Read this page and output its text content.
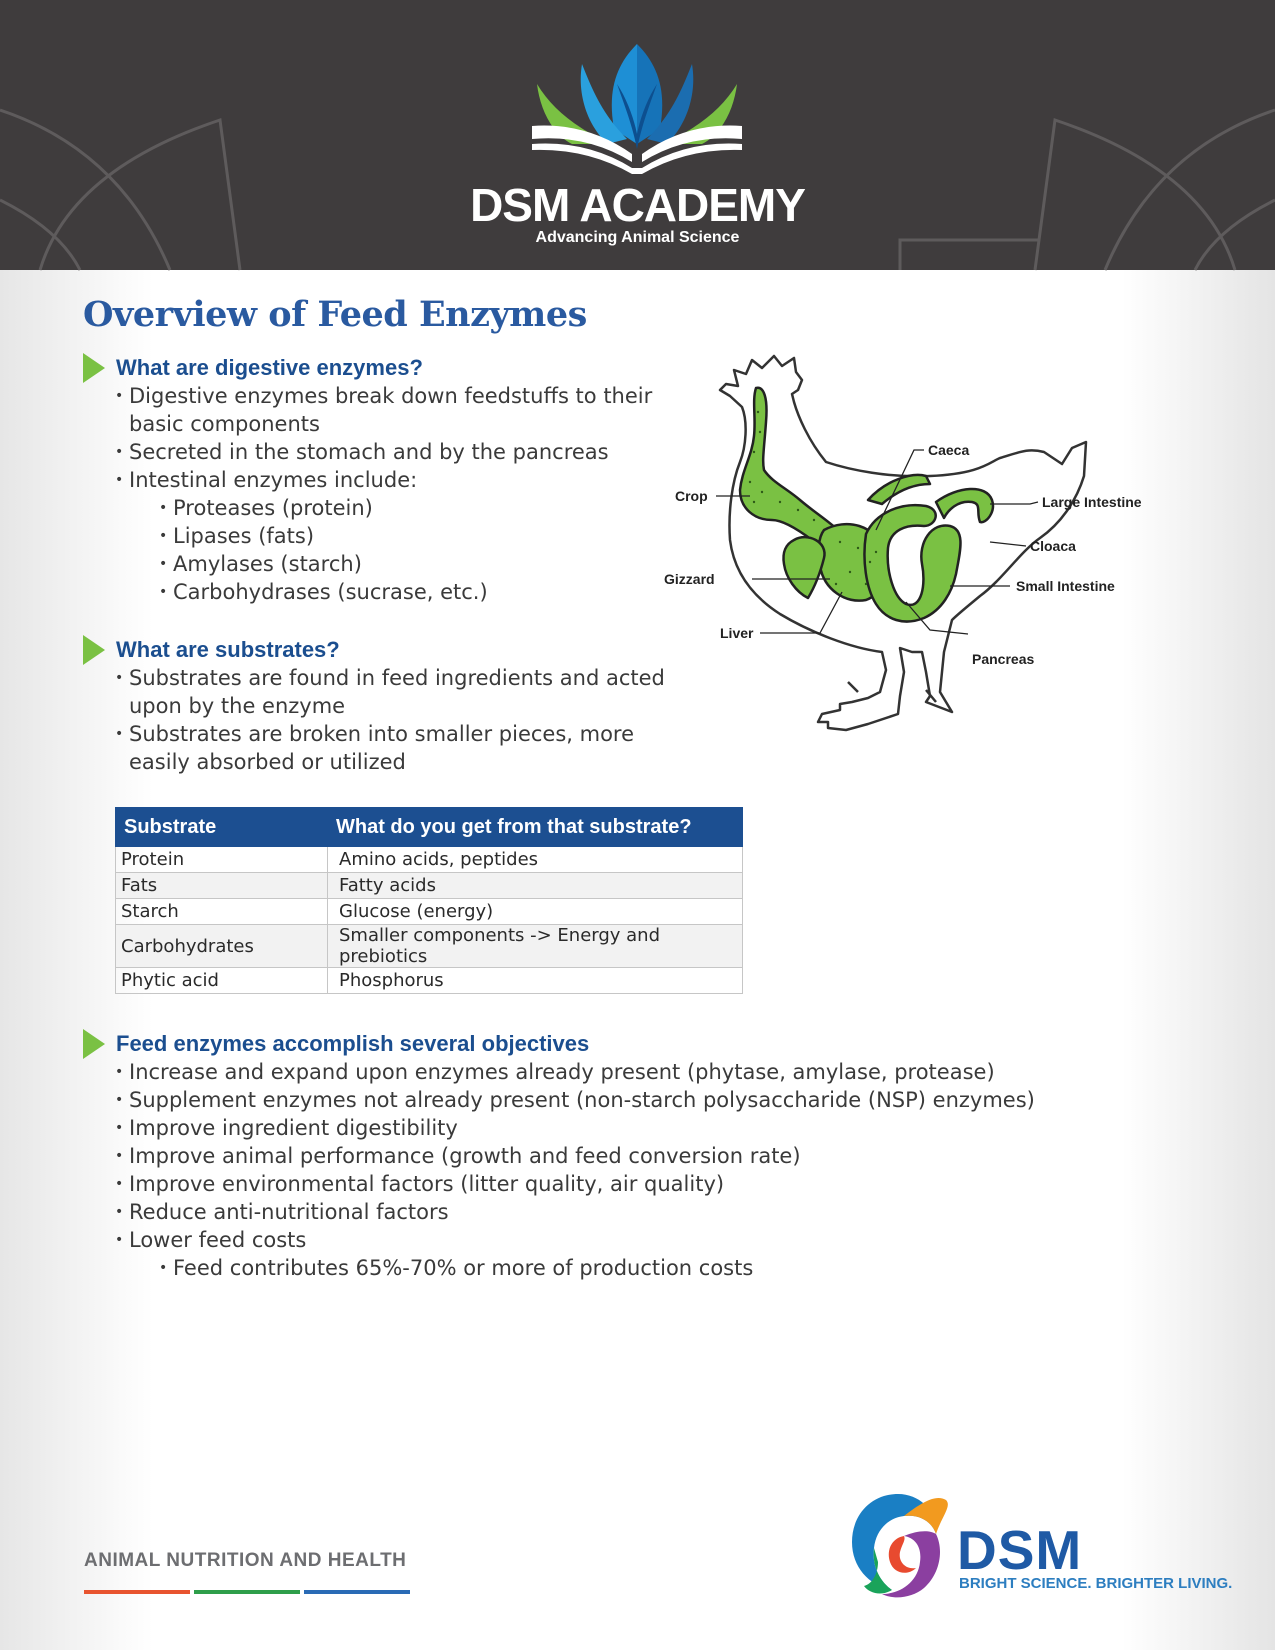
DSM ACADEMY
Advancing Animal Science
Overview of Feed Enzymes
What are digestive enzymes?
• Digestive enzymes break down feedstuffs to their
basic components
• Secreted in the stomach and by the pancreas
• Intestinal enzymes include:
• Proteases (protein)
• Lipases (fats)
• Amylases (starch)
• Carbohydrases (sucrase, etc.)
What are substrates?
• Substrates are found in feed ingredients and acted
upon by the enzyme
• Substrates are broken into smaller pieces, more
easily absorbed or utilized
Substrate	What do you get from that substrate?
Protein	Amino acids, peptides
Fats	Fatty acids
Starch	Glucose (energy)
Carbohydrates	Smaller components -> Energy and prebiotics
Phytic acid	Phosphorus
Feed enzymes accomplish several objectives
• Increase and expand upon enzymes already present (phytase, amylase, protease)
• Supplement enzymes not already present (non-starch polysaccharide (NSP) enzymes)
• Improve ingredient digestibility
• Improve animal performance (growth and feed conversion rate)
• Improve environmental factors (litter quality, air quality)
• Reduce anti-nutritional factors
• Lower feed costs
• Feed contributes 65%-70% or more of production costs
Crop
Gizzard
Liver
Caeca
Large Intestine
Cloaca
Small Intestine
Pancreas
ANIMAL NUTRITION AND HEALTH	DSM
BRIGHT SCIENCE. BRIGHTER LIVING.
